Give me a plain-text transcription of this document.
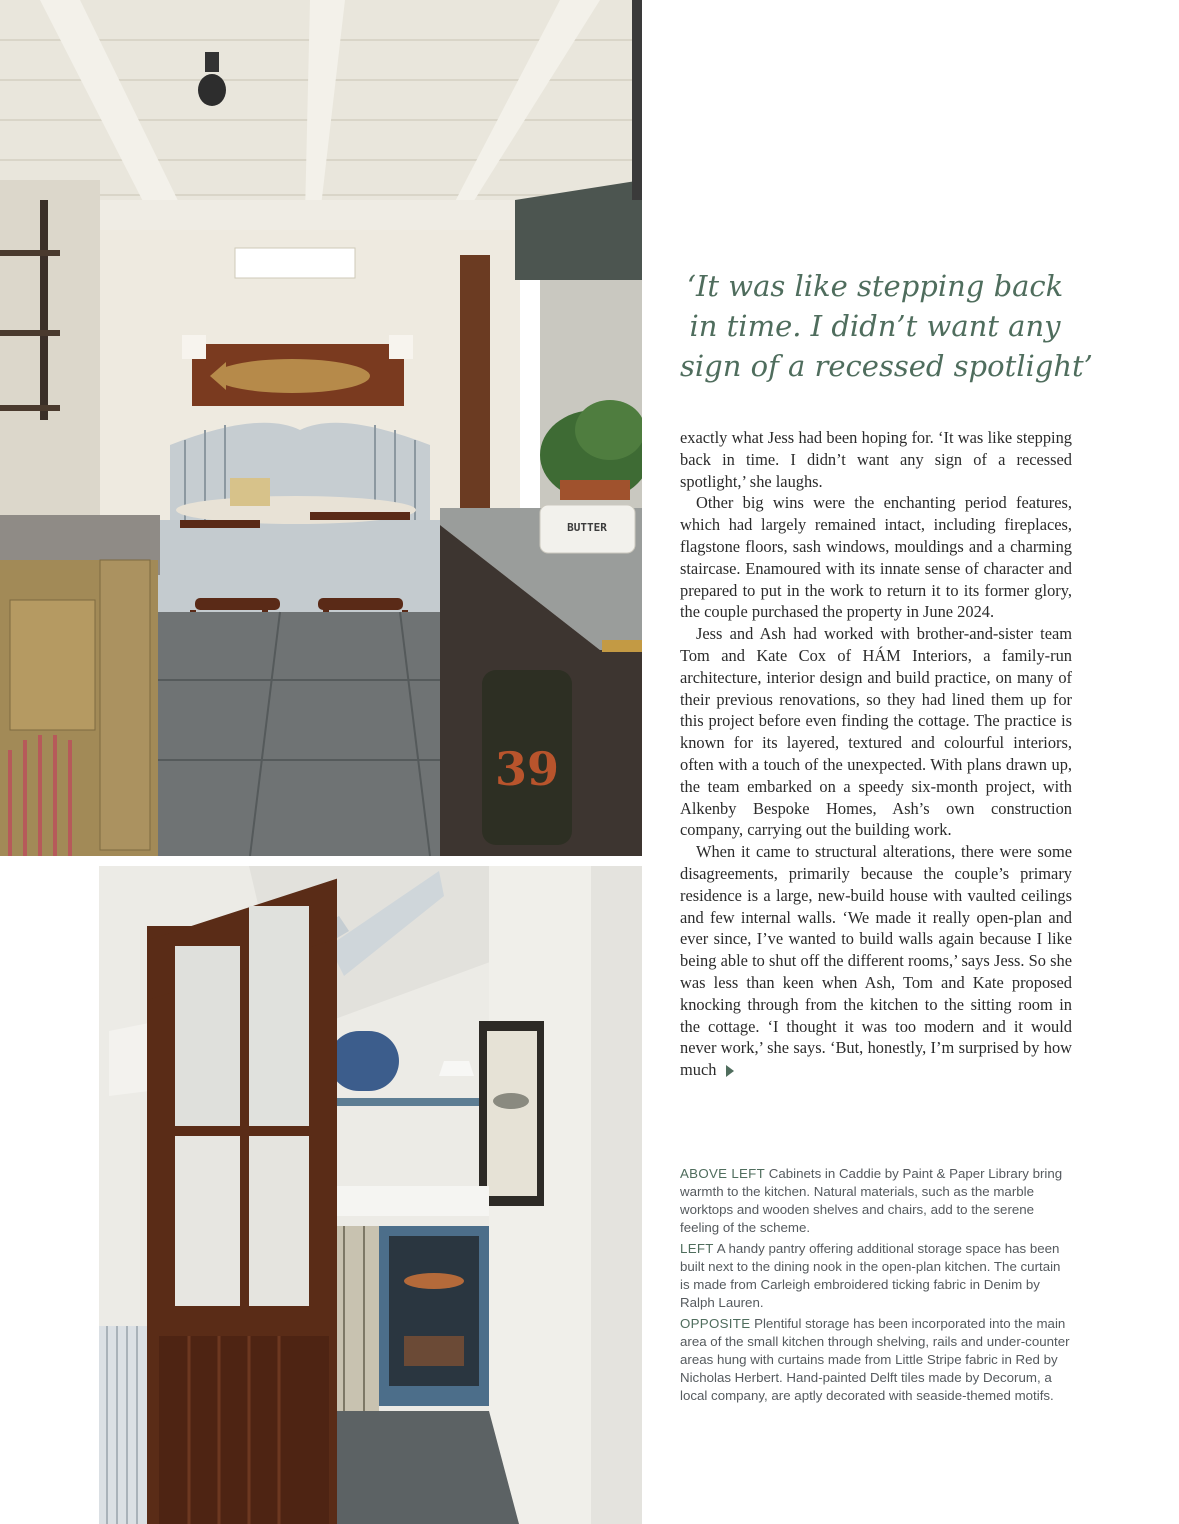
BUTTER
39
‘It was like stepping back
in time. I didn’t want any
sign of a recessed spotlight’

exactly what Jess had been hoping for. ‘It was like stepping back in time. I didn’t want any sign of a recessed spotlight,’ she laughs.

Other big wins were the enchanting period features, which had largely remained intact, including fireplaces, flagstone floors, sash windows, mouldings and a charming staircase. Enamoured with its innate sense of character and prepared to put in the work to return it to its former glory, the couple purchased the property in June 2024.

Jess and Ash had worked with brother-and-sister team Tom and Kate Cox of HÁM Interiors, a family-run architecture, interior design and build practice, on many of their previous renovations, so they had lined them up for this project before even finding the cottage. The practice is known for its layered, textured and colourful interiors, often with a touch of the unexpected. With plans drawn up, the team embarked on a speedy six-month project, with Alkenby Bespoke Homes, Ash’s own construction company, carrying out the building work.

When it came to structural alterations, there were some disagreements, primarily because the couple’s primary residence is a large, new-build house with vaulted ceilings and few internal walls. ‘We made it really open-plan and ever since, I’ve wanted to build walls again because I like being able to shut off the different rooms,’ says Jess. So she was less than keen when Ash, Tom and Kate proposed knocking through from the kitchen to the sitting room in the cottage. ‘I thought it was too modern and it would never work,’ she says. ‘But, honestly, I’m surprised by how much

ABOVE LEFT Cabinets in Caddie by Paint & Paper Library bring warmth to the kitchen. Natural materials, such as the marble worktops and wooden shelves and chairs, add to the serene feeling of the scheme.

LEFT A handy pantry offering additional storage space has been built next to the dining nook in the open-plan kitchen. The curtain is made from Carleigh embroidered ticking fabric in Denim by Ralph Lauren.

OPPOSITE Plentiful storage has been incorporated into the main area of the small kitchen through shelving, rails and under-counter areas hung with curtains made from Little Stripe fabric in Red by Nicholas Herbert. Hand-painted Delft tiles made by Decorum, a local company, are aptly decorated with seaside-themed motifs.
